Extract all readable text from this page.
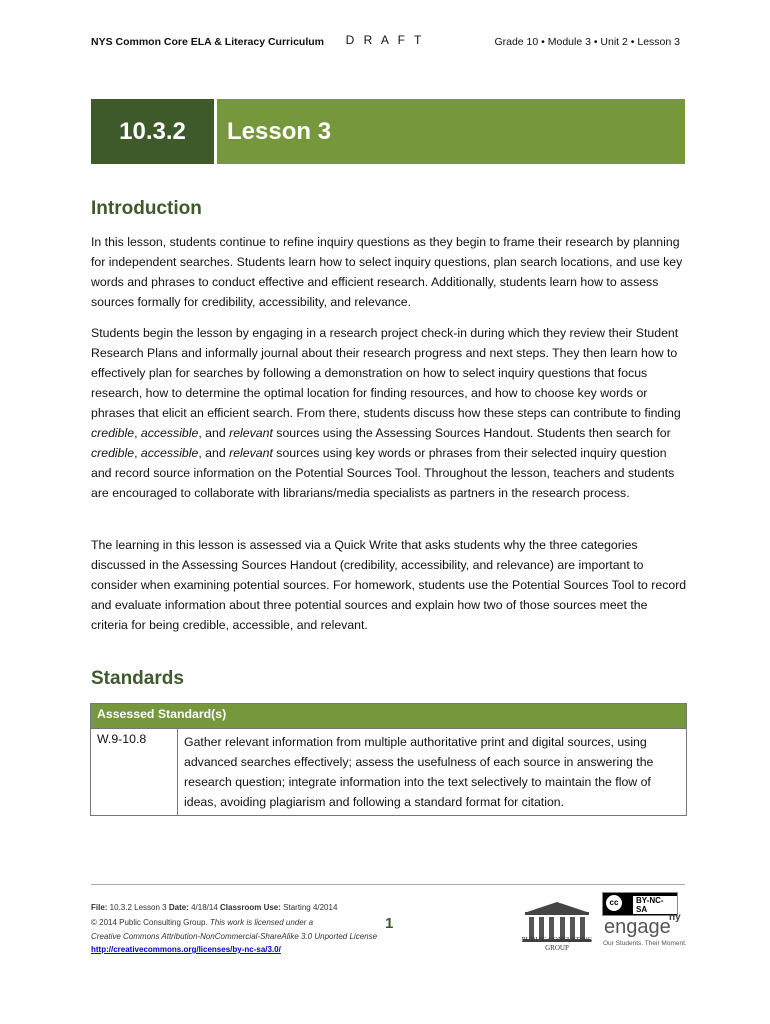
NYS Common Core ELA & Literacy Curriculum	D R A F T	Grade 10 • Module 3 • Unit 2 • Lesson 3
10.3.2	Lesson 3
Introduction

In this lesson, students continue to refine inquiry questions as they begin to frame their research by planning for independent searches. Students learn how to select inquiry questions, plan search locations, and use key words and phrases to conduct effective and efficient research. Additionally, students learn how to assess sources formally for credibility, accessibility, and relevance.

Students begin the lesson by engaging in a research project check-in during which they review their Student Research Plans and informally journal about their research progress and next steps. They then learn how to effectively plan for searches by following a demonstration on how to select inquiry questions that focus research, how to determine the optimal location for finding resources, and how to choose key words or phrases that elicit an efficient search. From there, students discuss how these steps can contribute to finding credible, accessible, and relevant sources using the Assessing Sources Handout. Students then search for credible, accessible, and relevant sources using key words or phrases from their selected inquiry question and record source information on the Potential Sources Tool. Throughout the lesson, teachers and students are encouraged to collaborate with librarians/media specialists as partners in the research process.

The learning in this lesson is assessed via a Quick Write that asks students why the three categories discussed in the Assessing Sources Handout (credibility, accessibility, and relevance) are important to consider when examining potential sources. For homework, students use the Potential Sources Tool to record and evaluate information about three potential sources and explain how two of those sources meet the criteria for being credible, accessible, and relevant.

Standards
Assessed Standard(s)
W.9-10.8	Gather relevant information from multiple authoritative print and digital sources, using advanced searches effectively; assess the usefulness of each source in answering the research question; integrate information into the text selectively to maintain the flow of ideas, avoiding plagiarism and following a standard format for citation.
File: 10.3.2 Lesson 3 Date: 4/18/14 Classroom Use: Starting 4/2014
© 2014 Public Consulting Group. This work is licensed under a
Creative Commons Attribution-NonCommercial-ShareAlike 3.0 Unported License
http://creativecommons.org/licenses/by-nc-sa/3.0/
1
PUBLIC CONSULTING GROUP
cc	BY-NC-SA
engage
ny
Our Students. Their Moment.
